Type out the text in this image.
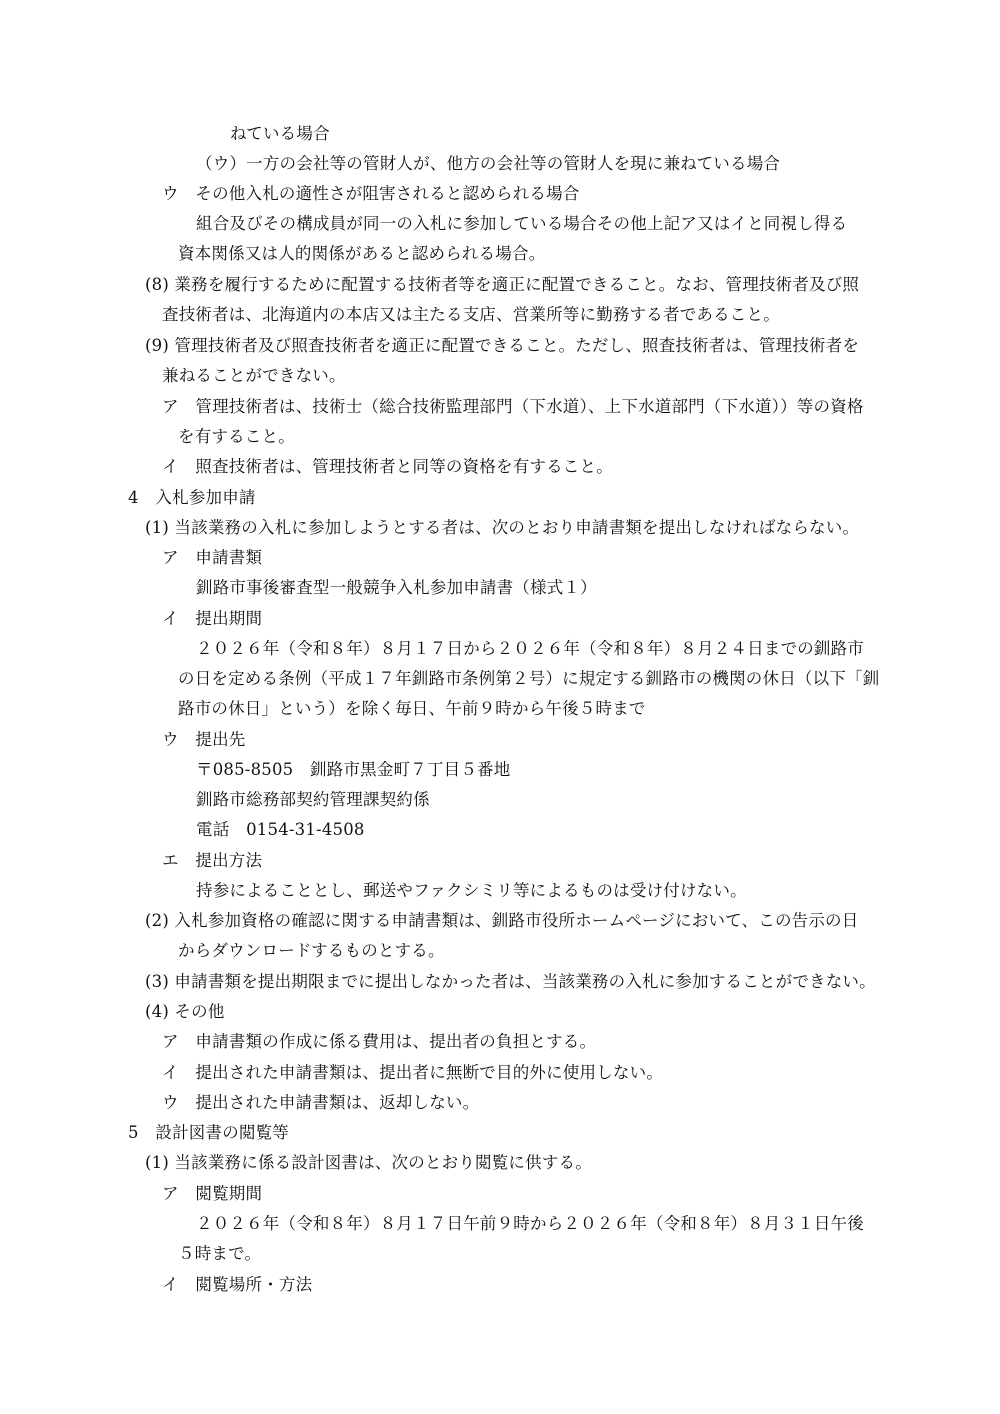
ねている場合
（ウ）一方の会社等の管財人が、他方の会社等の管財人を現に兼ねている場合
ウ　その他入札の適性さが阻害されると認められる場合
組合及びその構成員が同一の入札に参加している場合その他上記ア又はイと同視し得る
資本関係又は人的関係があると認められる場合。
(8) 業務を履行するために配置する技術者等を適正に配置できること。なお、管理技術者及び照
査技術者は、北海道内の本店又は主たる支店、営業所等に勤務する者であること。
(9) 管理技術者及び照査技術者を適正に配置できること。ただし、照査技術者は、管理技術者を
兼ねることができない。
ア　管理技術者は、技術士（総合技術監理部門（下水道）、上下水道部門（下水道））等の資格
を有すること。
イ　照査技術者は、管理技術者と同等の資格を有すること。
4　入札参加申請
(1) 当該業務の入札に参加しようとする者は、次のとおり申請書類を提出しなければならない。
ア　申請書類
釧路市事後審査型一般競争入札参加申請書（様式１）
イ　提出期間
２０２６年（令和８年）８月１７日から２０２６年（令和８年）８月２４日までの釧路市
の日を定める条例（平成１７年釧路市条例第２号）に規定する釧路市の機関の休日（以下「釧
路市の休日」という）を除く毎日、午前９時から午後５時まで
ウ　提出先
〒085-8505　釧路市黒金町７丁目５番地
釧路市総務部契約管理課契約係
電話　0154-31-4508
エ　提出方法
持参によることとし、郵送やファクシミリ等によるものは受け付けない。
(2) 入札参加資格の確認に関する申請書類は、釧路市役所ホームページにおいて、この告示の日
からダウンロードするものとする。
(3) 申請書類を提出期限までに提出しなかった者は、当該業務の入札に参加することができない。
(4) その他
ア　申請書類の作成に係る費用は、提出者の負担とする。
イ　提出された申請書類は、提出者に無断で目的外に使用しない。
ウ　提出された申請書類は、返却しない。
5　設計図書の閲覧等
(1) 当該業務に係る設計図書は、次のとおり閲覧に供する。
ア　閲覧期間
２０２６年（令和８年）８月１７日午前９時から２０２６年（令和８年）８月３１日午後
５時まで。
イ　閲覧場所・方法
